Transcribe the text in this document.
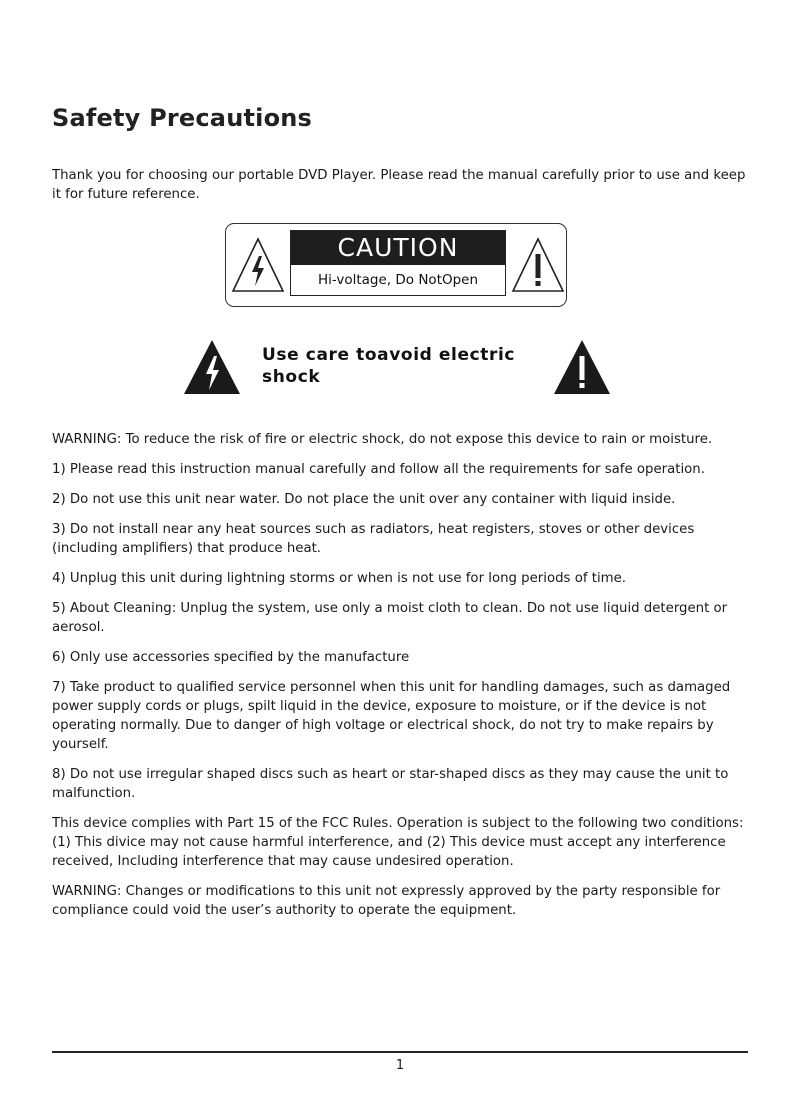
Safety Precautions

Thank you for choosing our portable DVD Player. Please read the manual carefully prior to use and keep it for future reference.

CAUTION
Hi-voltage, Do NotOpen

Use care toavoid electric
shock

WARNING: To reduce the risk of fire or electric shock, do not expose this device to rain or moisture.

1) Please read this instruction manual carefully and follow all the requirements for safe operation.

2) Do not use this unit near water. Do not place the unit over any container with liquid inside.

3) Do not install near any heat sources such as radiators, heat registers, stoves or other devices (including amplifiers) that produce heat.

4) Unplug this unit during lightning storms or when is not use for long periods of time.

5) About Cleaning: Unplug the system, use only a moist cloth to clean. Do not use liquid detergent or aerosol.

6) Only use accessories specified by the manufacture

7) Take product to qualified service personnel when this unit for handling damages, such as damaged power supply cords or plugs, spilt liquid in the device, exposure to moisture, or if the device is not operating normally. Due to danger of high voltage or electrical shock, do not try to make repairs by yourself.

8) Do not use irregular shaped discs such as heart or star-shaped discs as they may cause the unit to malfunction.

This device complies with Part 15 of the FCC Rules. Operation is subject to the following two conditions: (1) This divice may not cause harmful interference, and (2) This device must accept any interference received, Including interference that may cause undesired operation.

WARNING: Changes or modifications to this unit not expressly approved by the party responsible for compliance could void the user’s authority to operate the equipment.

1
